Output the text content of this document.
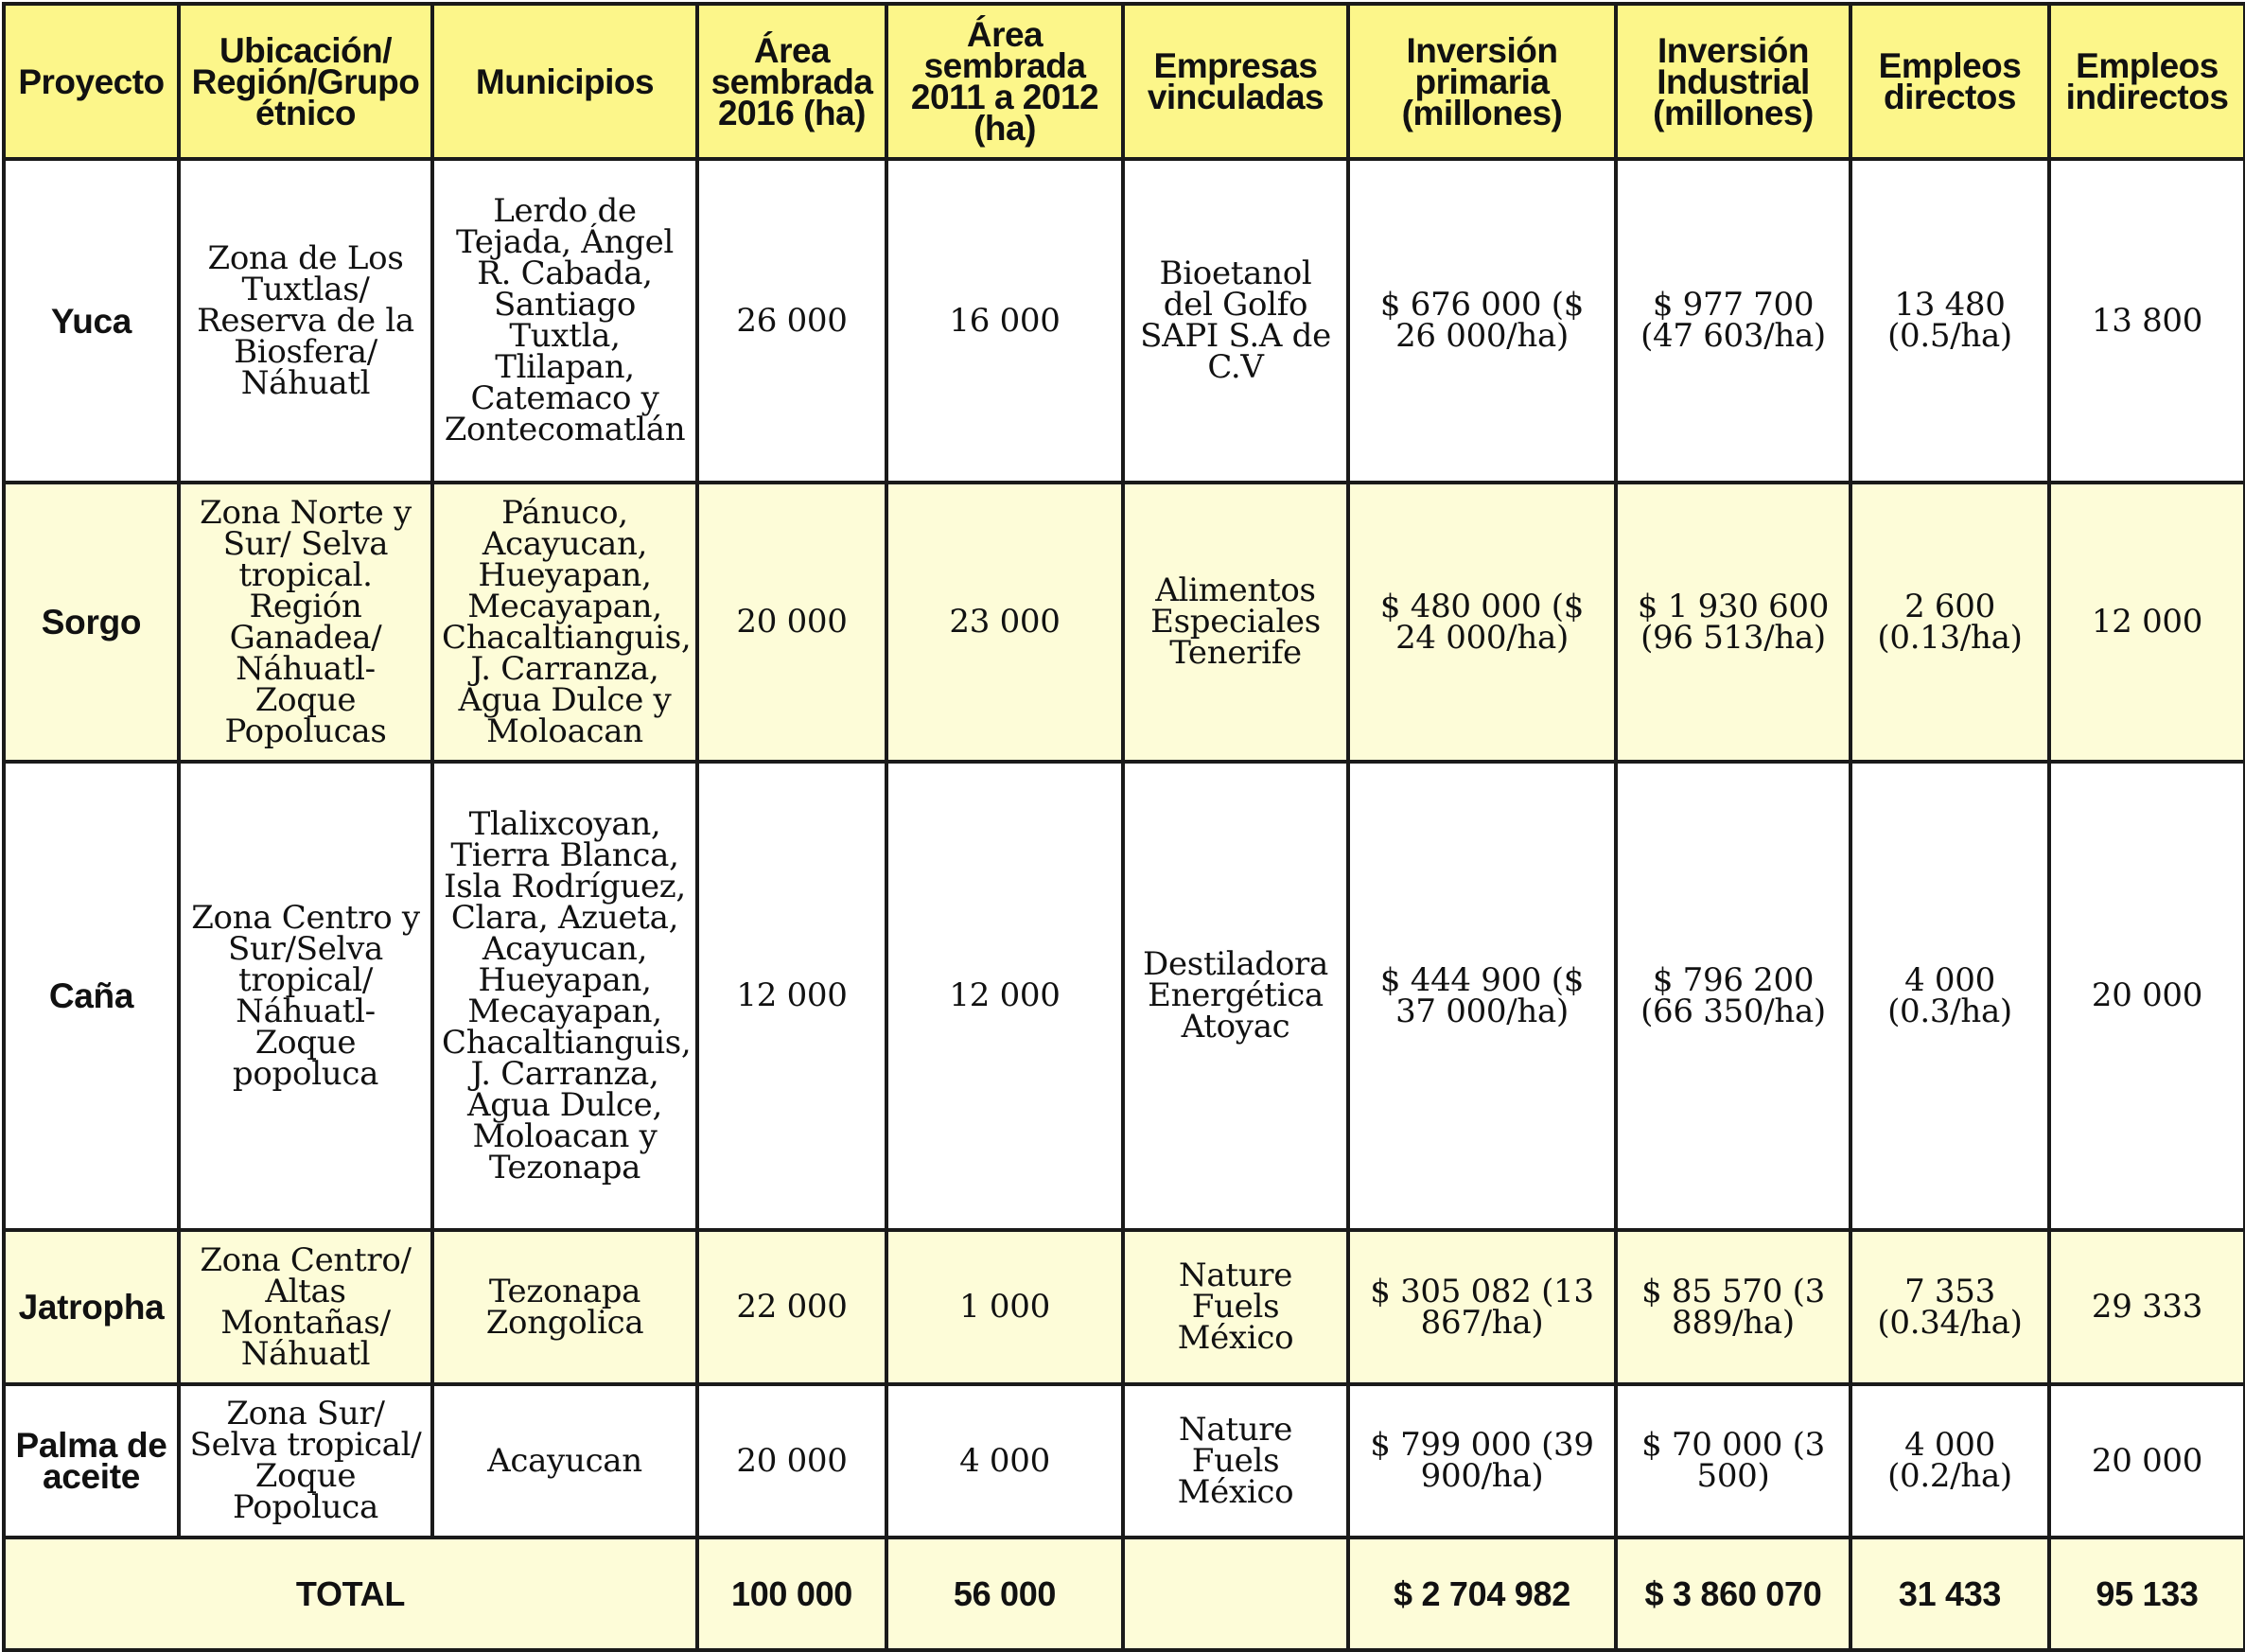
Proyecto	Ubicación/ Región/Grupo étnico	Municipios	Área sembrada 2016 (ha)	Área sembrada 2011 a 2012 (ha)	Empresas vinculadas	Inversión primaria (millones)	Inversión Industrial (millones)	Empleos directos	Empleos indirectos
Yuca	Zona de Los Tuxtlas/ Reserva de la Biosfera/ Náhuatl	Lerdo de Tejada, Ángel R. Cabada, Santiago Tuxtla, Tlilapan, Catemaco y Zontecomatlán	26 000	16 000	Bioetanol del Golfo SAPI S.A de C.V	$ 676 000 ($ 26 000/ha)	$ 977 700 (47 603/ha)	13 480 (0.5/ha)	13 800
Sorgo	Zona Norte y Sur/ Selva tropical. Región Ganadea/ Náhuatl-Zoque Popolucas	Pánuco, Acayucan, Hueyapan, Mecayapan, Chacaltianguis, J. Carranza, Agua Dulce y Moloacan	20 000	23 000	Alimentos Especiales Tenerife	$ 480 000 ($ 24 000/ha)	$ 1 930 600 (96 513/ha)	2 600 (0.13/ha)	12 000
Caña	Zona Centro y Sur/Selva tropical/ Náhuatl-Zoque popoluca	Tlalixcoyan, Tierra Blanca, Isla Rodríguez, Clara, Azueta, Acayucan, Hueyapan, Mecayapan, Chacaltianguis, J. Carranza, Agua Dulce, Moloacan y Tezonapa	12 000	12 000	Destiladora Energética Atoyac	$ 444 900 ($ 37 000/ha)	$ 796 200 (66 350/ha)	4 000 (0.3/ha)	20 000
Jatropha	Zona Centro/ Altas Montañas/ Náhuatl	Tezonapa Zongolica	22 000	1 000	Nature Fuels México	$ 305 082 (13 867/ha)	$ 85 570 (3 889/ha)	7 353 (0.34/ha)	29 333
Palma de aceite	Zona Sur/ Selva tropical/ Zoque Popoluca	Acayucan	20 000	4 000	Nature Fuels México	$ 799 000 (39 900/ha)	$ 70 000 (3 500)	4 000 (0.2/ha)	20 000
TOTAL			100 000	56 000		$ 2 704 982	$ 3 860 070	31 433	95 133
